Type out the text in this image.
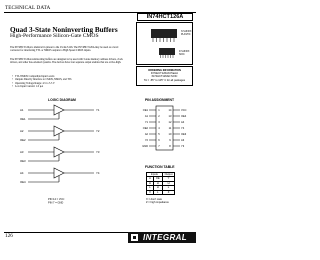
TECHNICAL DATA
IN74HCT126A
Quad 3-State Noninverting Buffers
High-Performance Silicon-Gate CMOS
The IN74HCT126A is identical in pinout to the LS/ALS126. The IN74HCT126A may be used as a level converter for interfacing TTL or NMOS outputs to High Speed CMOS inputs.
The IN74HCT126A noninverting buffers are designed to be used with 3-state memory address drivers, clock drivers, and other bus-oriented systems. The devices have four separate output enables that are active-high.
• TTL/NMOS Compatible Input Levels
• Outputs Directly Interface to CMOS, NMOS, and TTL
• Operating Voltage Range: 4.5 to 5.5 V
• Low Input Current: 1.0 µA
N SUFFIX
PLASTIC
D SUFFIX
SOIC
ORDERING INFORMATION
IN74HCT126AN Plastic
IN74HCT126AD SOIC
TA = -55° to 125° C for all packages
LOGIC DIAGRAM	PIN ASSIGNMENT
A1
OE1
Y1
A2
OE2
Y2
A3
OE3
Y3
A4
OE4
Y4
PIN 14 = VCC
PIN 7 = GND
OE1	1	14	VCC
A1	2	13	OE4
Y1	3	12	A4
OE2	4	11	Y4
A2	5	10	OE3
Y2	6	9	A3
GND	7	8	Y3
FUNCTION TABLE
Inputs		Output
A	OE	Y
H	H	H
L	H	L
X	L	Z
X = don't care
Z = high impedance
126	INTEGRAL
